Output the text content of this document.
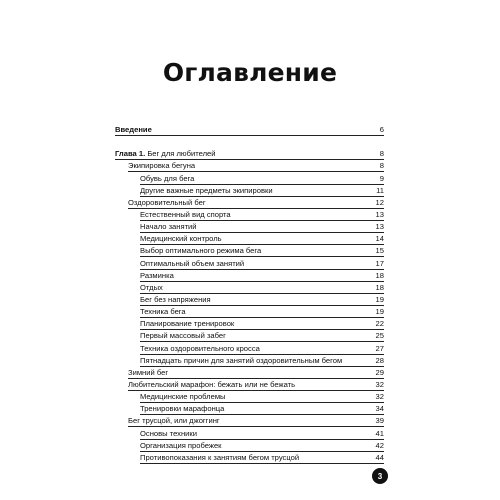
Оглавление
Введение	6
Глава 1. Бег для любителей	8
Экипировка бегуна	8
Обувь для бега	9
Другие важные предметы экипировки	11
Оздоровительный бег	12
Естественный вид спорта	13
Начало занятий	13
Медицинский контроль	14
Выбор оптимального режима бега	15
Оптимальный объем занятий	17
Разминка	18
Отдых	18
Бег без напряжения	19
Техника бега	19
Планирование тренировок	22
Первый массовый забег	25
Техника оздоровительного кросса	27
Пятнадцать причин для занятий оздоровительным бегом	28
Зимний бег	29
Любительский марафон: бежать или не бежать	32
Медицинские проблемы	32
Тренировки марафонца	34
Бег трусцой, или джоггинг	39
Основы техники	41
Организация пробежек	42
Противопоказания к занятиям бегом трусцой	44
3
